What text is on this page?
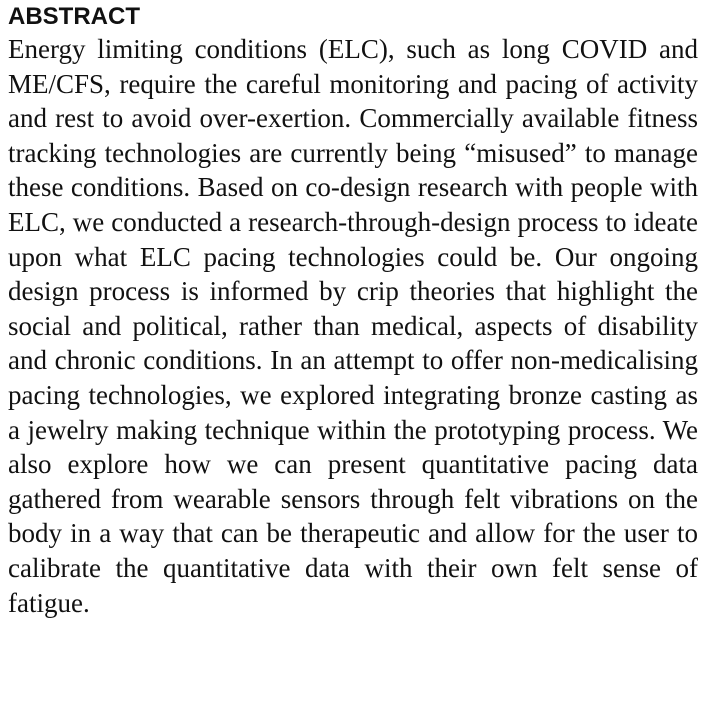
ABSTRACT

Energy limiting conditions (ELC), such as long COVID and ME/CFS, require the careful monitoring and pacing of activity and rest to avoid over-exertion. Commercially available fitness tracking technologies are currently being “misused” to manage these conditions. Based on co-design research with people with ELC, we conducted a research-through-design process to ideate upon what ELC pacing technologies could be. Our ongoing design process is informed by crip theories that highlight the social and political, rather than medical, aspects of disability and chronic conditions. In an attempt to offer non-medicalising pacing technologies, we explored integrating bronze casting as a jewelry making technique within the prototyping process. We also explore how we can present quantitative pacing data gathered from wearable sensors through felt vibrations on the body in a way that can be therapeutic and allow for the user to calibrate the quantitative data with their own felt sense of fatigue.
